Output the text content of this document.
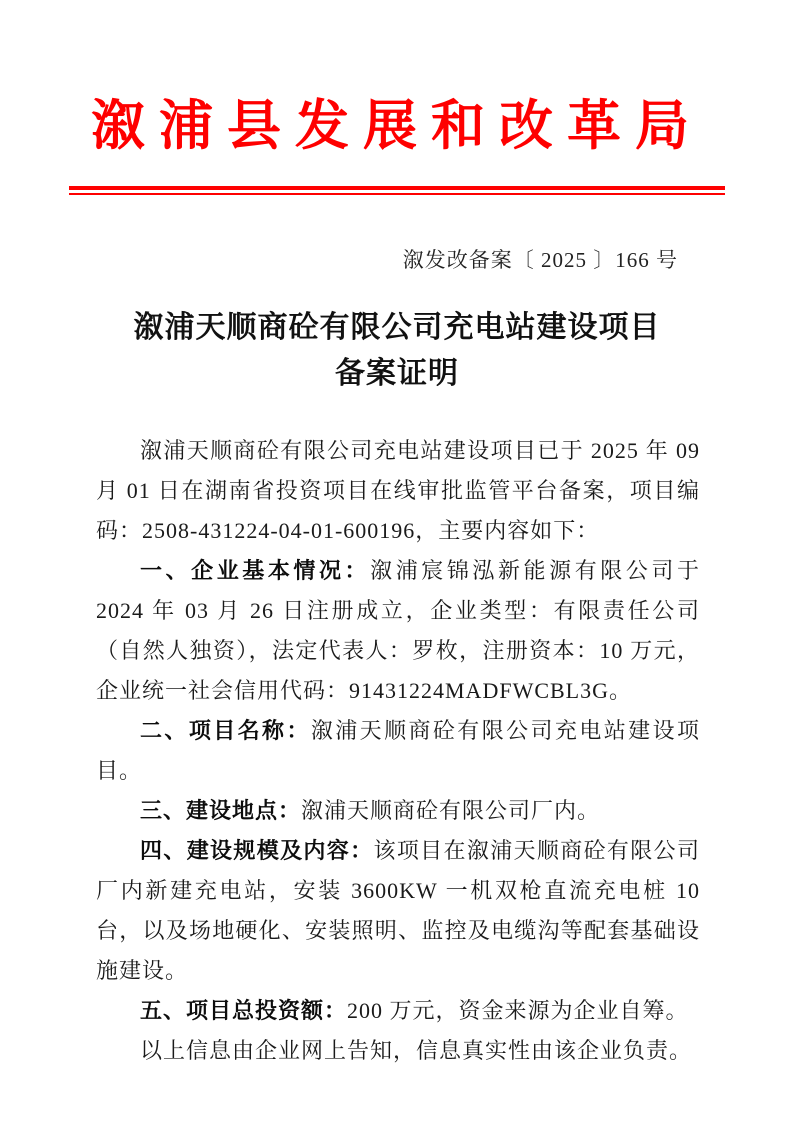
溆浦县发展和改革局
溆发改备案〔 2025 〕166 号
溆浦天顺商砼有限公司充电站建设项目
备案证明

溆浦天顺商砼有限公司充电站建设项目已于 2025 年 09 月 01 日在湖南省投资项目在线审批监管平台备案，项目编码：2508-431224-04-01-600196，主要内容如下：

一、企业基本情况：溆浦宸锦泓新能源有限公司于 2024 年 03 月 26 日注册成立，企业类型：有限责任公司（自然人独资），法定代表人：罗枚，注册资本：10 万元，企业统一社会信用代码：91431224MADFWCBL3G。

二、项目名称：溆浦天顺商砼有限公司充电站建设项目。

三、建设地点：溆浦天顺商砼有限公司厂内。

四、建设规模及内容：该项目在溆浦天顺商砼有限公司厂内新建充电站，安装 3600KW 一机双枪直流充电桩 10 台，以及场地硬化、安装照明、监控及电缆沟等配套基础设施建设。

五、项目总投资额：200 万元，资金来源为企业自筹。

以上信息由企业网上告知，信息真实性由该企业负责。
